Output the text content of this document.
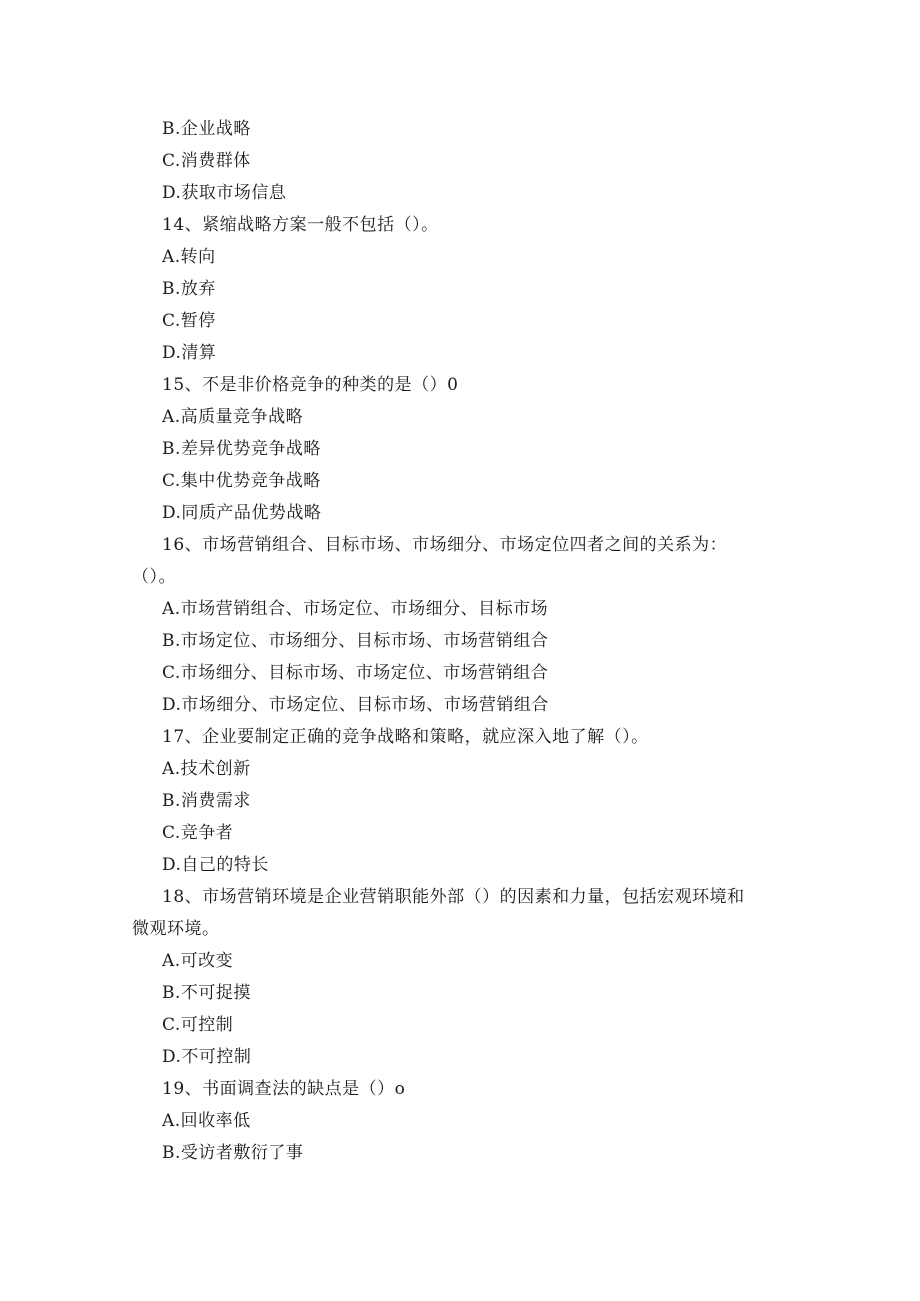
B.企业战略
C.消费群体
D.获取市场信息
14、紧缩战略方案一般不包括（）。
A.转向
B.放弃
C.暂停
D.清算
15、不是非价格竞争的种类的是（）0
A.高质量竞争战略
B.差异优势竞争战略
C.集中优势竞争战略
D.同质产品优势战略
16、市场营销组合、目标市场、市场细分、市场定位四者之间的关系为：
（）。
A.市场营销组合、市场定位、市场细分、目标市场
B.市场定位、市场细分、目标市场、市场营销组合
C.市场细分、目标市场、市场定位、市场营销组合
D.市场细分、市场定位、目标市场、市场营销组合
17、企业要制定正确的竞争战略和策略，就应深入地了解（）。
A.技术创新
B.消费需求
C.竞争者
D.自己的特长
18、市场营销环境是企业营销职能外部（）的因素和力量，包括宏观环境和
微观环境。
A.可改变
B.不可捉摸
C.可控制
D.不可控制
19、书面调查法的缺点是（）o
A.回收率低
B.受访者敷衍了事
